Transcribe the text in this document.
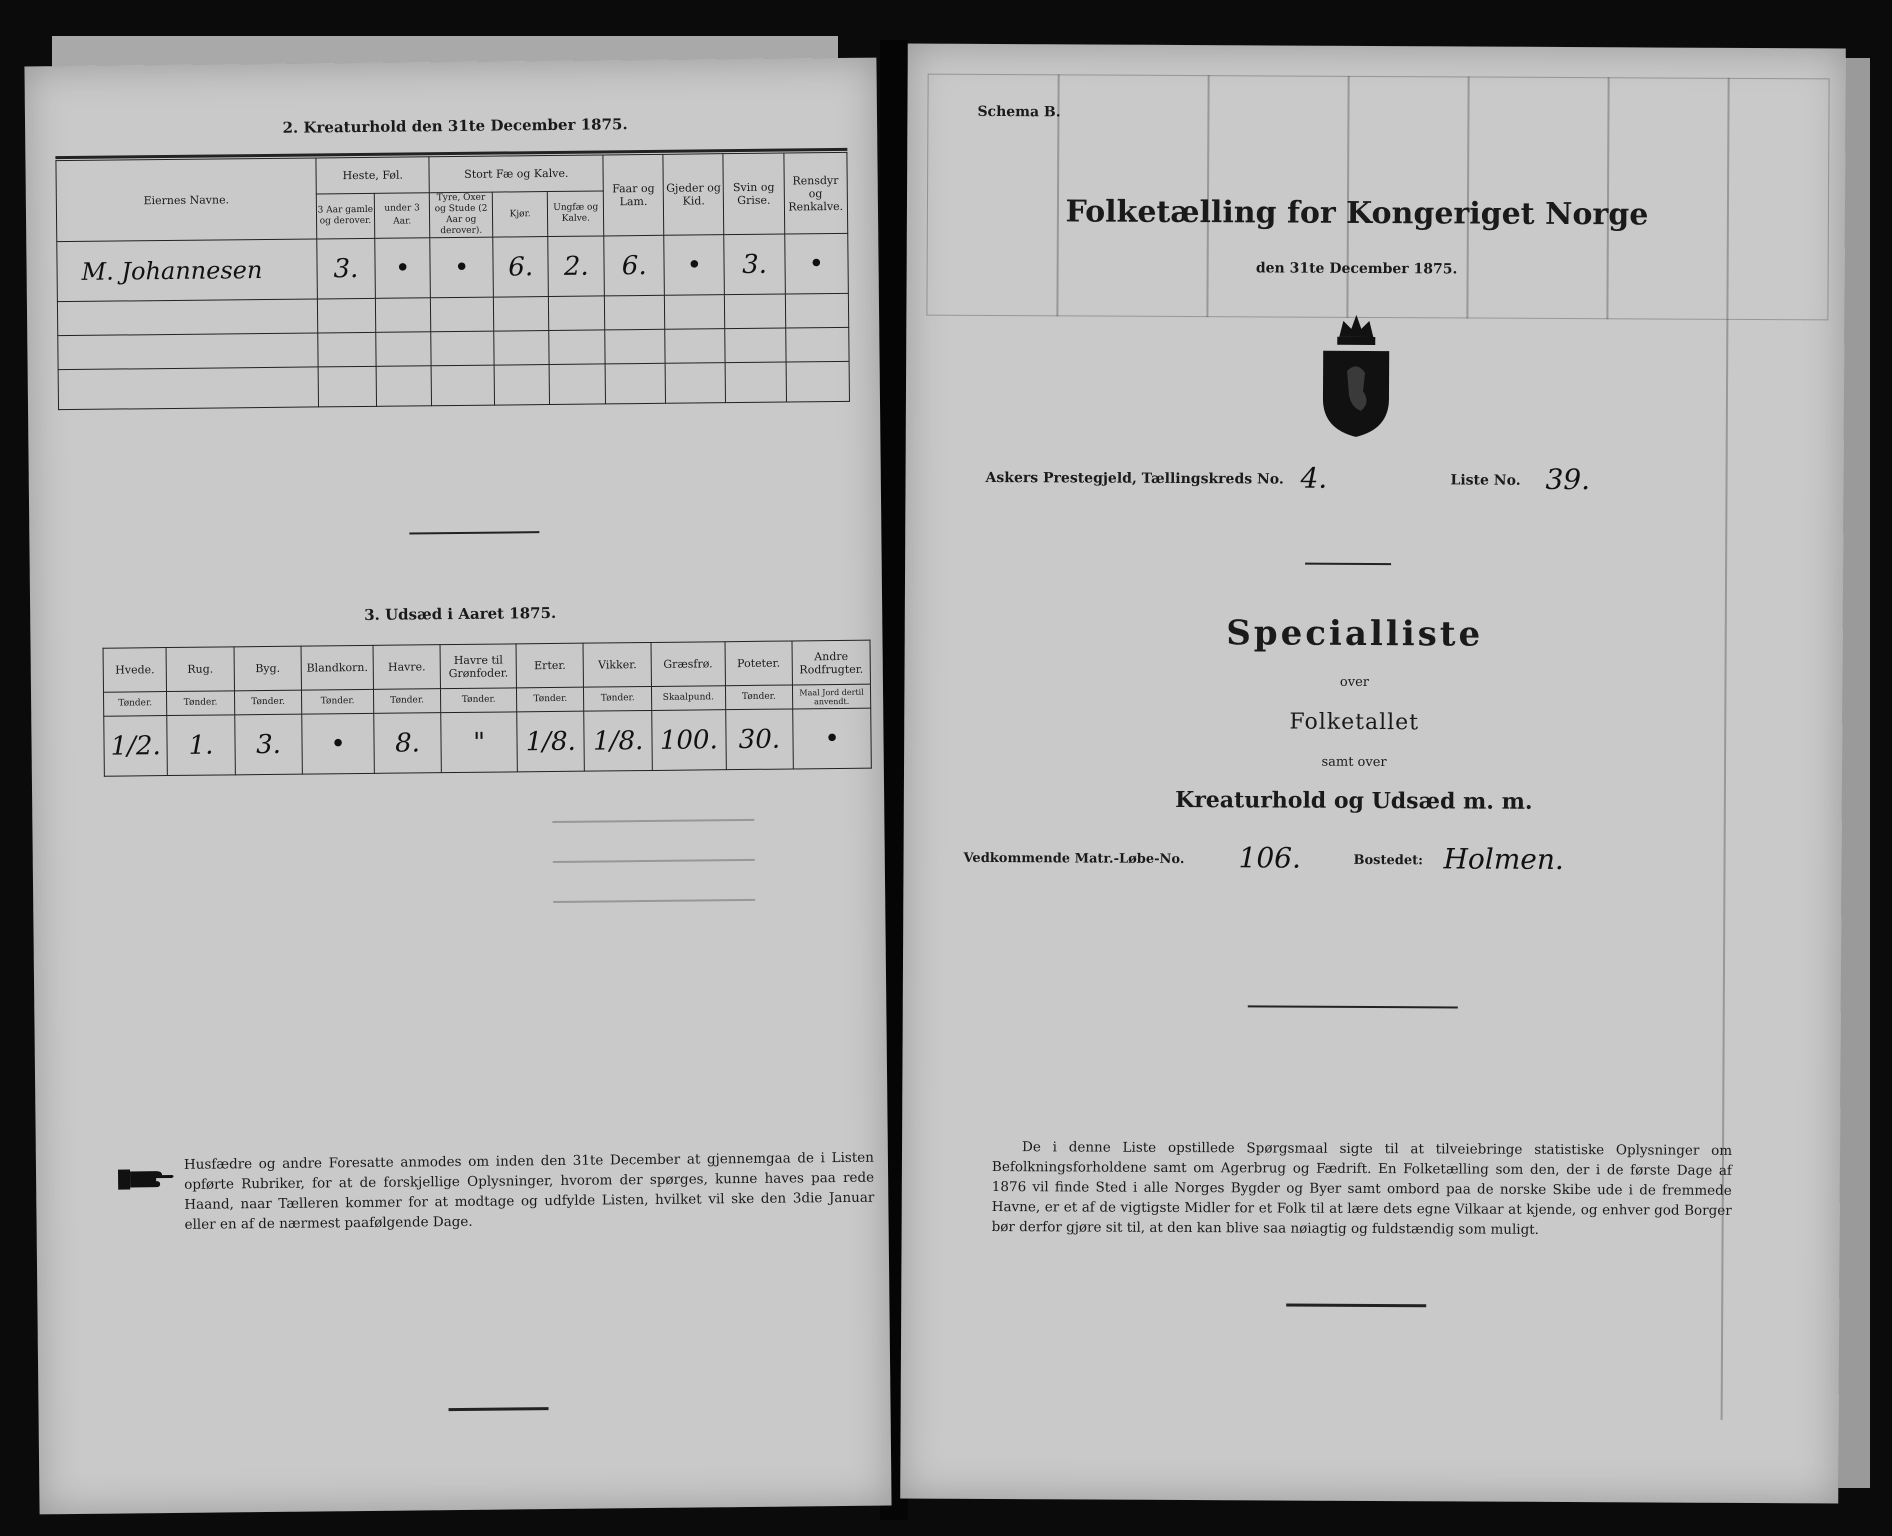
2. Kreaturhold den 31te December 1875.
Eiernes Navne.	Heste, Føl.		Stort Fæ og Kalve.			Faar og Lam.	Gjeder og Kid.	Svin og Grise.	Rensdyr og Renkalve.

	3 Aar gamle og derover.	under 3 Aar.	Tyre, Oxer og Stude (2 Aar og derover).	Kjør.	Ungfæ og Kalve.				

M. Johannesen	3.	•	•	6.	2.	6.	•	3.	•

3. Udsæd i Aaret 1875.
Hvede.	Rug.	Byg.	Blandkorn.	Havre.	Havre til Grønfoder.	Erter.	Vikker.	Græsfrø.	Poteter.	Andre Rodfrugter.

Tønder.	Tønder.	Tønder.	Tønder.	Tønder.	Tønder.	Tønder.	Tønder.	Skaalpund.	Tønder.	Maal Jord dertil anvendt.

1/2.	1.	3.	•	8.	"	1/8.	1/8.	100.	30.	•
Husfædre og andre Foresatte anmodes om inden den 31te December at gjennemgaa de i Listen opførte Rubriker, for at de forskjellige Oplysninger, hvorom der spørges, kunne haves paa rede Haand, naar Tælleren kommer for at modtage og udfylde Listen, hvilket vil ske den 3die Januar eller en af de nærmest paafølgende Dage.
Schema B.
Folketælling for Kongeriget Norge
den 31te December 1875.
Askers Prestegjeld, Tællingskreds No. 4.	Liste No. 39.
Specialliste
over
Folketallet
samt over
Kreaturhold og Udsæd m. m.
Vedkommende Matr.-Løbe-No.	106.	Bostedet: Holmen.
De i denne Liste opstillede Spørgsmaal sigte til at tilveiebringe statistiske Oplysninger om Befolkningsforholdene samt om Agerbrug og Fædrift. En Folketælling som den, der i de første Dage af 1876 vil finde Sted i alle Norges Bygder og Byer samt ombord paa de norske Skibe ude i de fremmede Havne, er et af de vigtigste Midler for et Folk til at lære dets egne Vilkaar at kjende, og enhver god Borger bør derfor gjøre sit til, at den kan blive saa nøiagtig og fuldstændig som muligt.
